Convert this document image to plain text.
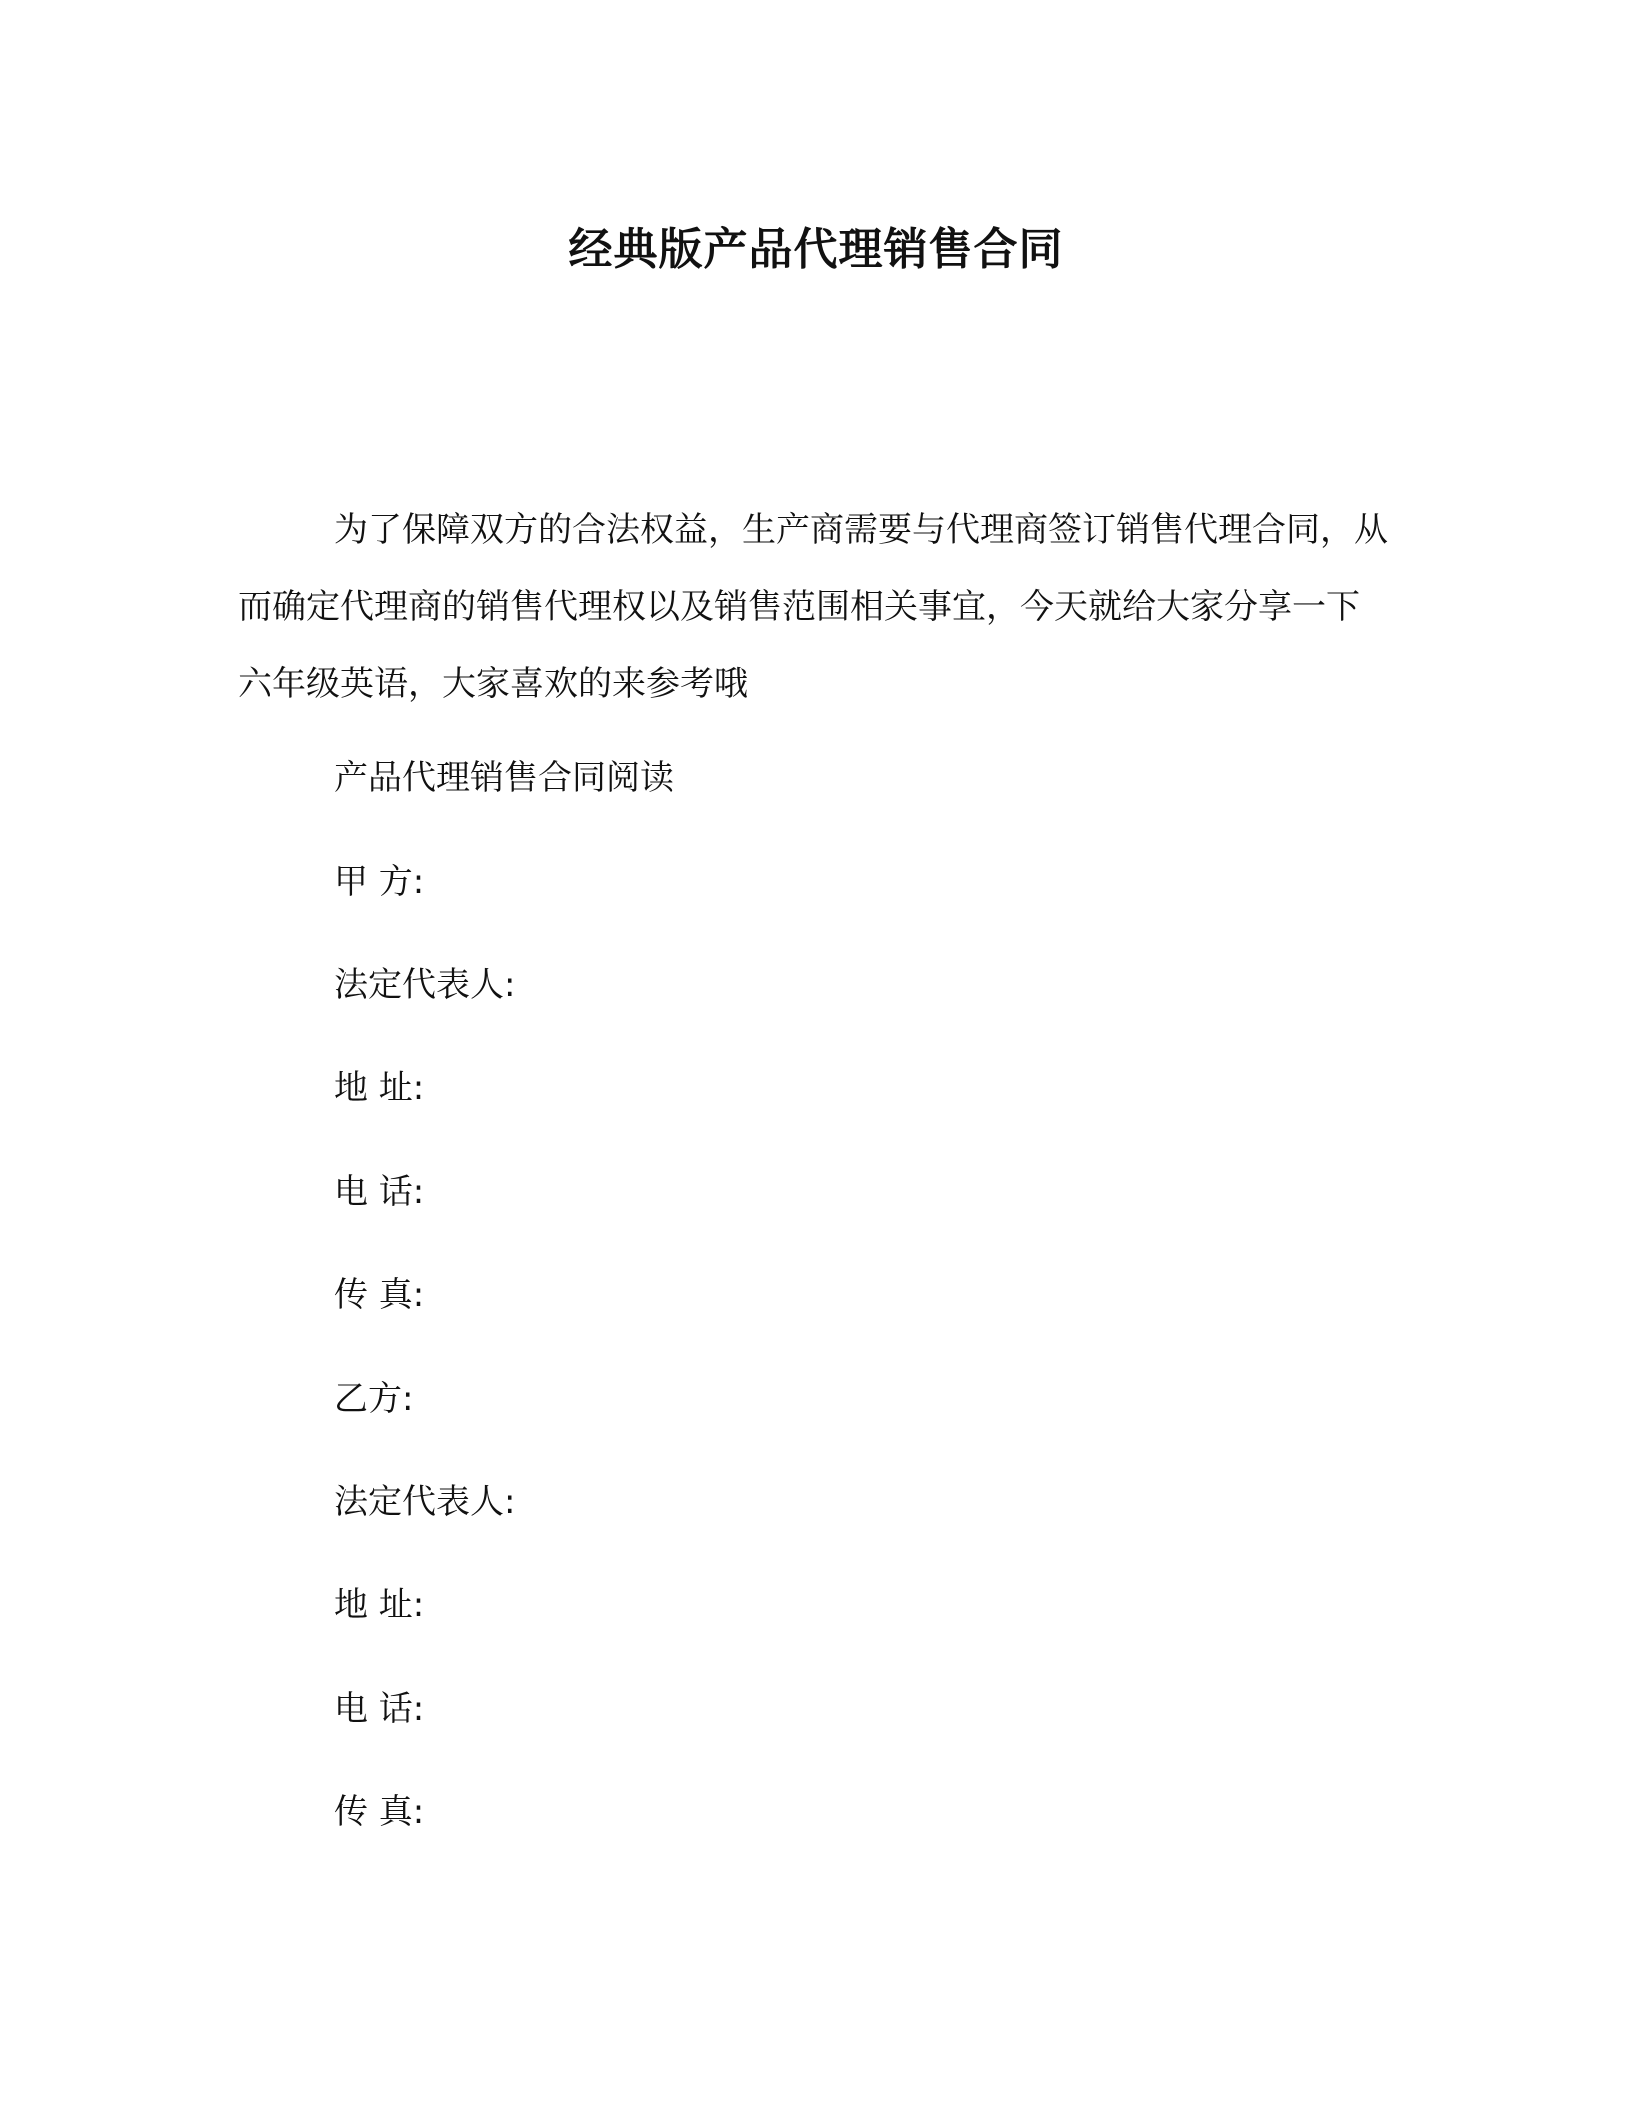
经典版产品代理销售合同

为了保障双方的合法权益，生产商需要与代理商签订销售代理合同，从而确定代理商的销售代理权以及销售范围相关事宜，今天就给大家分享一下六年级英语，大家喜欢的来参考哦

产品代理销售合同阅读

甲 方:

法定代表人:

地 址:

电 话:

传 真:

乙方:

法定代表人:

地 址:

电 话:

传 真:
